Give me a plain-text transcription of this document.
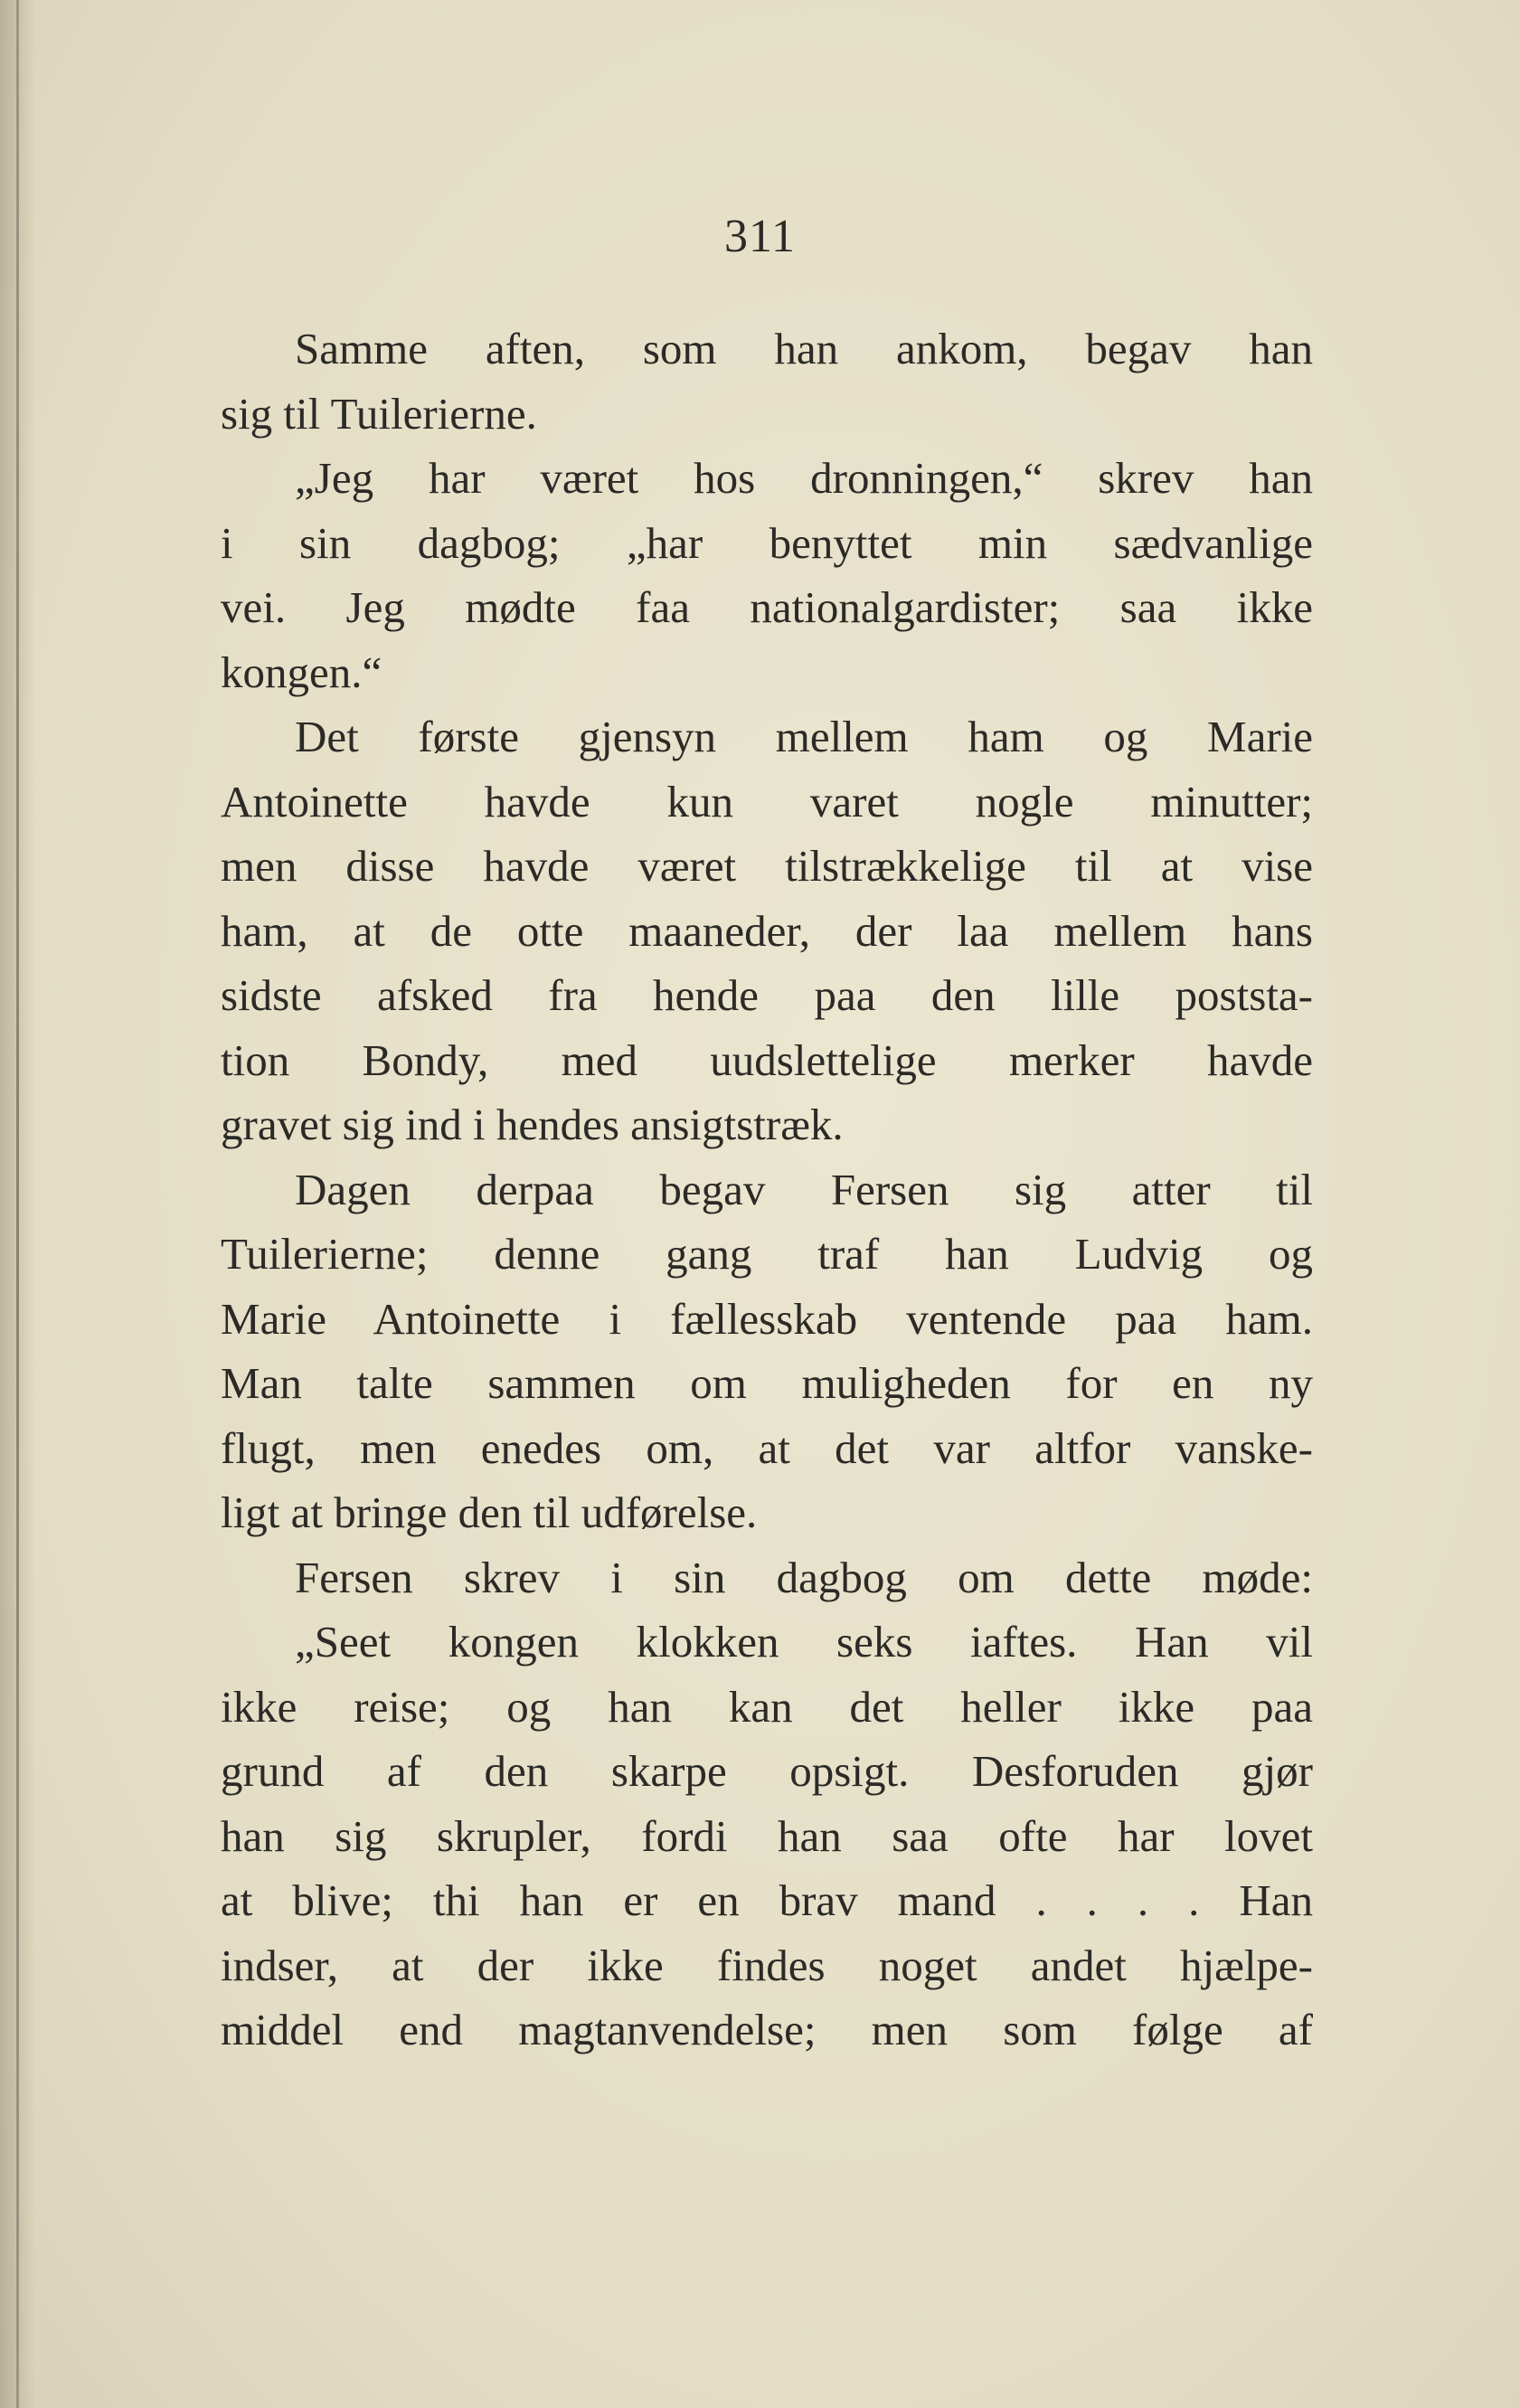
311
Samme aften, som han ankom, begav han
sig til Tuilerierne.
„Jeg har været hos dronningen,“ skrev han
i sin dagbog; „har benyttet min sædvanlige
vei. Jeg mødte faa nationalgardister; saa ikke
kongen.“
Det første gjensyn mellem ham og Marie
Antoinette havde kun varet nogle minutter;
men disse havde været tilstrækkelige til at vise
ham, at de otte maaneder, der laa mellem hans
sidste afsked fra hende paa den lille poststa-
tion Bondy, med uudslettelige merker havde
gravet sig ind i hendes ansigtstræk.
Dagen derpaa begav Fersen sig atter til
Tuilerierne; denne gang traf han Ludvig og
Marie Antoinette i fællesskab ventende paa ham.
Man talte sammen om muligheden for en ny
flugt, men enedes om, at det var altfor vanske-
ligt at bringe den til udførelse.
Fersen skrev i sin dagbog om dette møde:
„Seet kongen klokken seks iaftes. Han vil
ikke reise; og han kan det heller ikke paa
grund af den skarpe opsigt. Desforuden gjør
han sig skrupler, fordi han saa ofte har lovet
at blive; thi han er en brav mand . . . . Han
indser, at der ikke findes noget andet hjælpe-
middel end magtanvendelse; men som følge af
